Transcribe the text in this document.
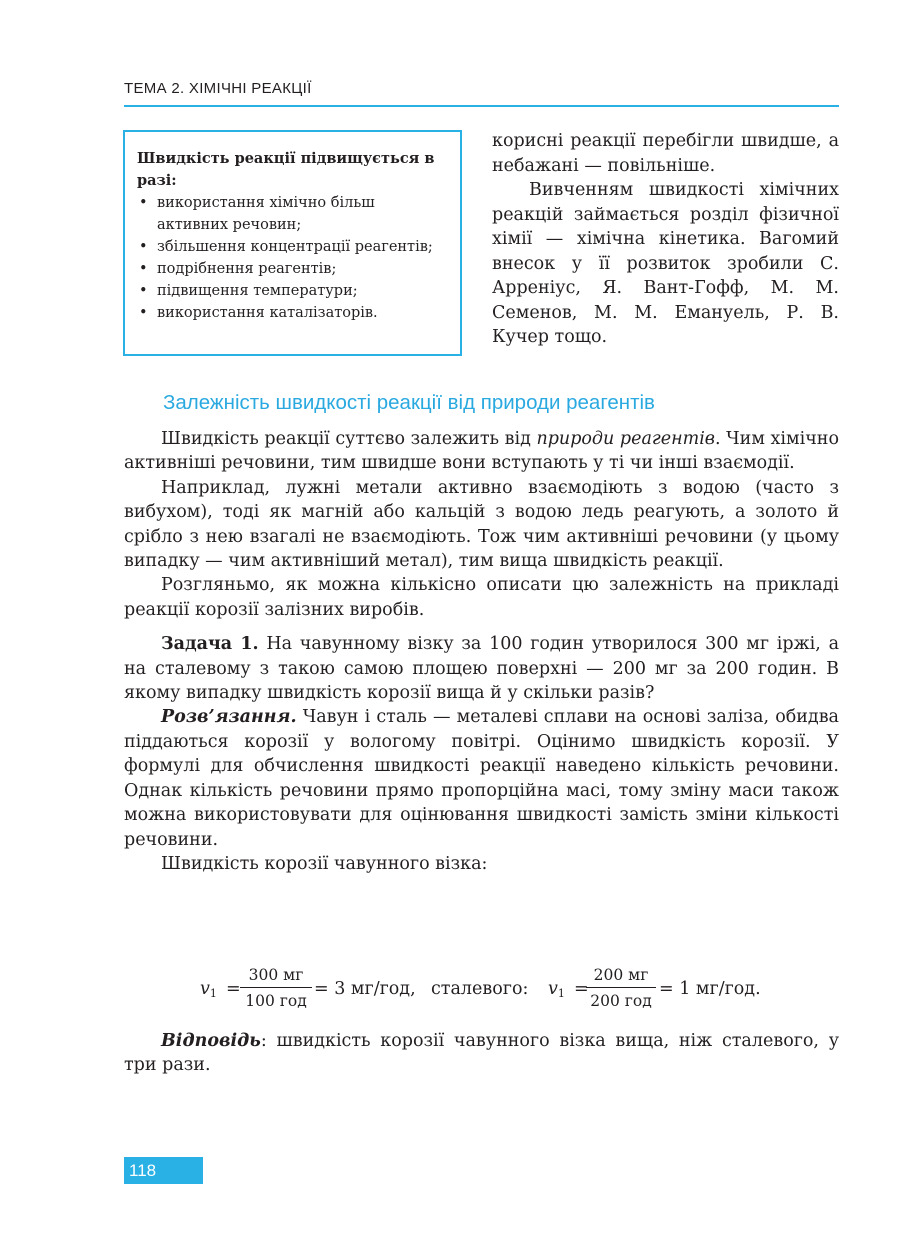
ТЕМА 2. ХІМІЧНІ РЕАКЦІЇ
Швидкість реакції підвищується в разі:
• використання хімічно більш активних речовин;
• збільшення концентрації реагентів;
• подрібнення реагентів;
• підвищення температури;
• використання каталізаторів.

корисні реакції перебігли швидше, а небажані — повільніше.

Вивченням швидкості хімічних реакцій займається розділ фізичної хімії — хімічна кінетика. Вагомий внесок у її розвиток зробили С. Арреніус, Я. Вант-Гофф, М. М. Семенов, М. М. Емануель, Р. В. Кучер тощо.

Залежність швидкості реакції від природи реагентів

Швидкість реакції суттєво залежить від природи реагентів. Чим хімічно активніші речовини, тим швидше вони вступають у ті чи інші взаємодії.

Наприклад, лужні метали активно взаємодіють з водою (часто з вибухом), тоді як магній або кальцій з водою ледь реагують, а золото й срібло з нею взагалі не взаємодіють. Тож чим активніші речовини (у цьому випадку — чим активніший метал), тим вища швидкість реакції.

Розгляньмо, як можна кількісно описати цю залежність на прикладі реакції корозії залізних виробів.

Задача 1. На чавунному візку за 100 годин утворилося 300 мг іржі, а на сталевому з такою самою площею поверхні — 200 мг за 200 годин. В якому випадку швидкість корозії вища й у скільки разів?

Розв’язання. Чавун і сталь — металеві сплави на основі заліза, обидва піддаються корозії у вологому повітрі. Оцінимо швидкість корозії. У формулі для обчислення швидкості реакції наведено кількість речовини. Однак кількість речовини прямо пропорційна масі, тому зміну маси також можна використовувати для оцінювання швидкості замість зміни кількості речовини.

Швидкість корозії чавунного візка:

$v_1$ =
300 мг
100 год
= 3 мг/год, сталевого: $v_1$ =
200 мг
200 год
= 1 мг/год.

Відповідь: швидкість корозії чавунного візка вища, ніж сталевого, у три рази.

118
